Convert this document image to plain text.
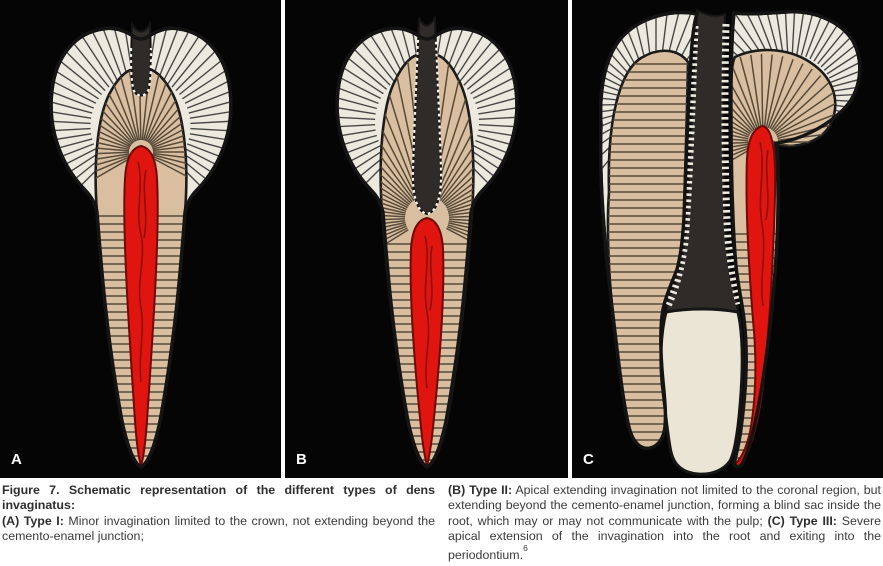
A	B	C

Figure 7. Schematic representation of the different types of dens invaginatus:

(A) Type I: Minor invagination limited to the crown, not extending beyond the cemento-enamel junction;

(B) Type II: Apical extending invagination not limited to the coronal region, but extending beyond the cemento-enamel junction, forming a blind sac inside the root, which may or may not communicate with the pulp; (C) Type III: Severe apical extension of the invagination into the root and exiting into the periodontium.$^6$
